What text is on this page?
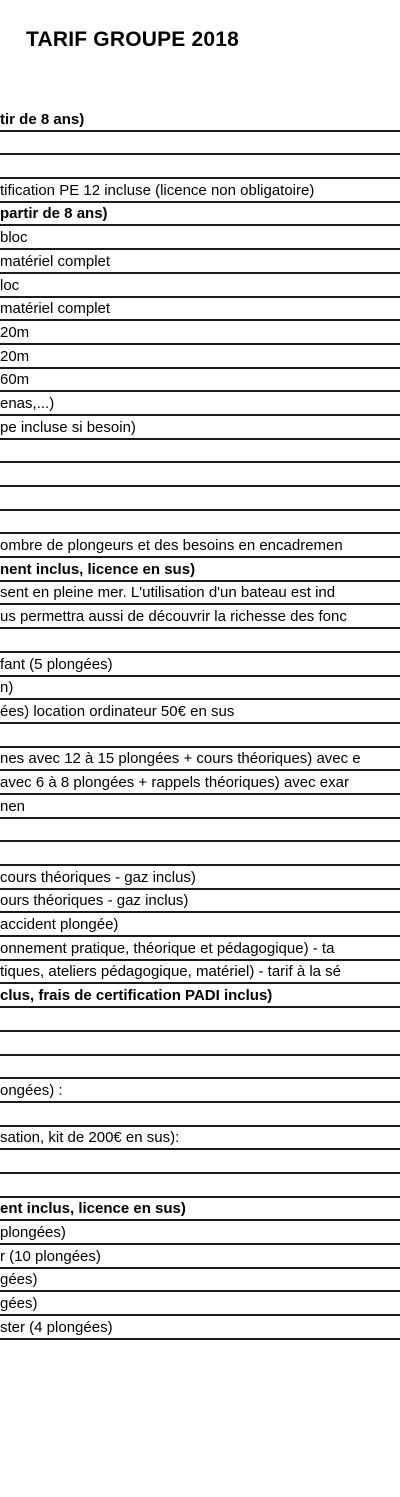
TARIF GROUPE 2018
tir de 8 ans)
tification PE 12 incluse (licence non obligatoire)
partir de 8 ans)
bloc
matériel complet
loc
matériel complet
20m
20m
60m
enas,...)
pe incluse si besoin)
ombre de plongeurs et des besoins en encadremen
nent inclus, licence en sus)
sent en pleine mer. L'utilisation d'un bateau est ind
us permettra aussi de découvrir la richesse des fonc
fant (5 plongées)
n)
ées) location ordinateur 50€ en sus
nes avec 12 à 15 plongées + cours théoriques) avec e
avec 6 à 8 plongées + rappels théoriques) avec exar
nen
cours théoriques - gaz inclus)
ours théoriques - gaz inclus)
accident plongée)
onnement pratique, théorique et pédagogique) - ta
tiques, ateliers pédagogique, matériel) - tarif à la sé
clus, frais de certification PADI inclus)
ongées) :
sation, kit de 200€ en sus):
ent inclus, licence en sus)
plongées)
r (10 plongées)
gées)
gées)
ster (4 plongées)
